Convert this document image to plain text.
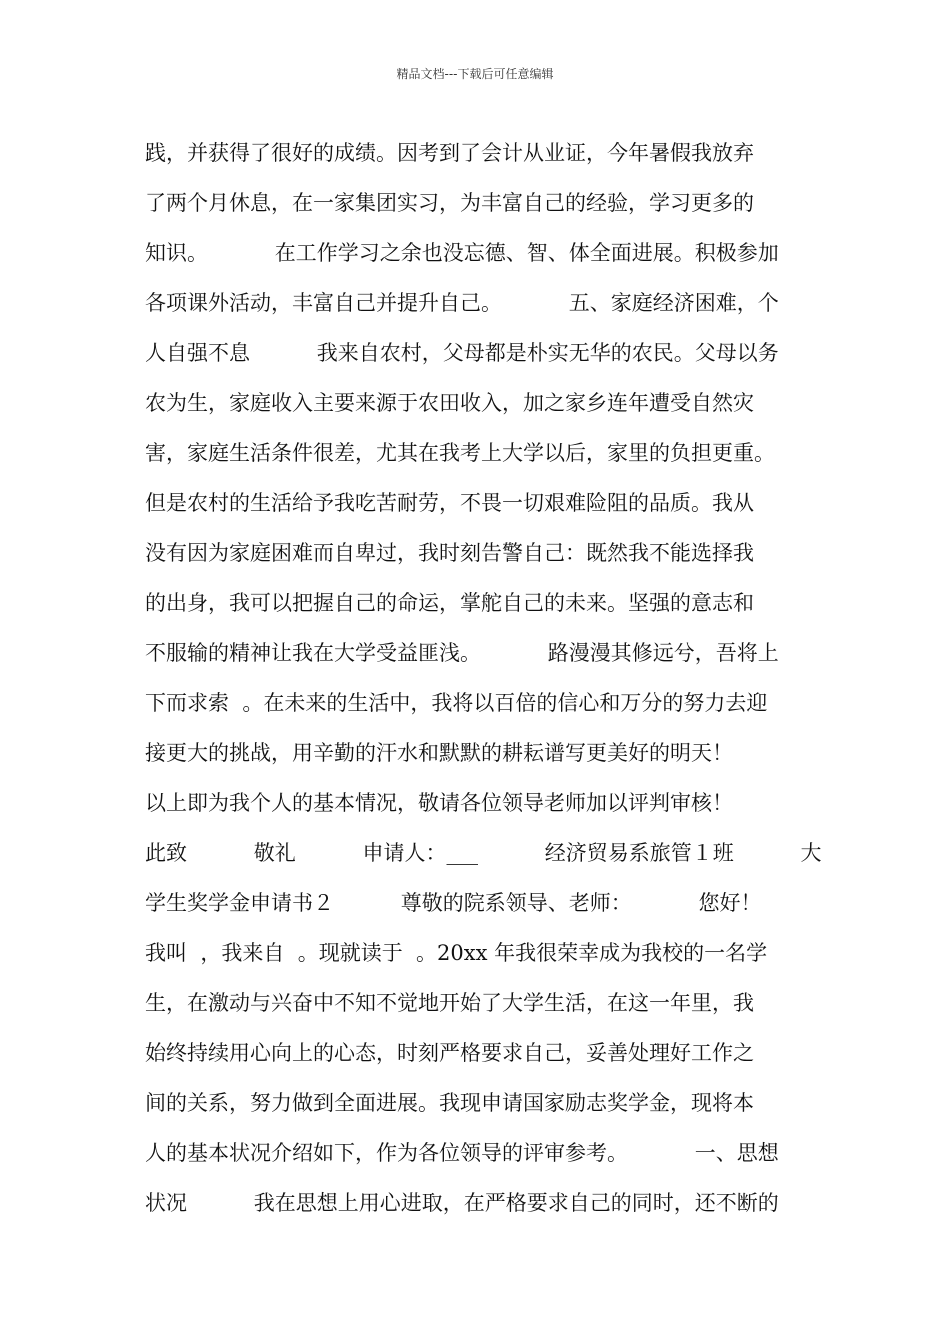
精品文档---下载后可任意编辑
践，并获得了很好的成绩。因考到了会计从业证，今年暑假我放弃
了两个月休息，在一家集团实习，为丰富自己的经验，学习更多的
知识。          在工作学习之余也没忘德、智、体全面进展。积极参加
各项课外活动，丰富自己并提升自己。          五、家庭经济困难，个
人自强不息          我来自农村，父母都是朴实无华的农民。父母以务
农为生，家庭收入主要来源于农田收入，加之家乡连年遭受自然灾
害，家庭生活条件很差，尤其在我考上大学以后，家里的负担更重。
但是农村的生活给予我吃苦耐劳，不畏一切艰难险阻的品质。我从
没有因为家庭困难而自卑过，我时刻告警自己：既然我不能选择我
的出身，我可以把握自己的命运，掌舵自己的未来。坚强的意志和
不服输的精神让我在大学受益匪浅。          路漫漫其修远兮，吾将上
下而求索  。在未来的生活中，我将以百倍的信心和万分的努力去迎
接更大的挑战，用辛勤的汗水和默默的耕耘谱写更美好的明天！
以上即为我个人的基本情况，敬请各位领导老师加以评判审核！
此致          敬礼          申请人：___          经济贸易系旅管１班          大
学生奖学金申请书２          尊敬的院系领导、老师：          您好！
我叫  ，我来自  。现就读于  。20xx 年我很荣幸成为我校的一名学
生，在激动与兴奋中不知不觉地开始了大学生活，在这一年里，我
始终持续用心向上的心态，时刻严格要求自己，妥善处理好工作之
间的关系，努力做到全面进展。我现申请国家励志奖学金，现将本
人的基本状况介绍如下，作为各位领导的评审参考。          一、思想
状况          我在思想上用心进取，在严格要求自己的同时，还不断的
